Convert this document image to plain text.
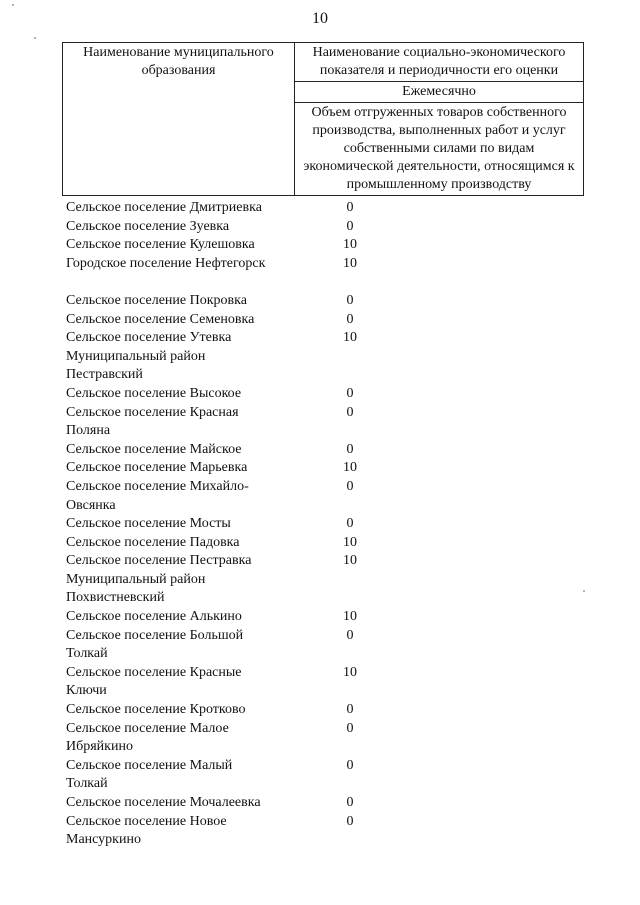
10
Наименование муниципального образования	Наименование социально-экономического показателя и периодичности его оценки
Ежемесячно
Объем отгруженных товаров собственного производства, выполненных работ и услуг собственными силами по видам экономической деятельности, относящимся к промышленному производству
Сельское поселение Дмитриевка	0
Сельское поселение Зуевка	0
Сельское поселение Кулешовка	10
Городское поселение Нефтегорск	10
Сельское поселение Покровка	0
Сельское поселение Семеновка	0
Сельское поселение Утевка	10
Муниципальный район
Пестравский
Сельское поселение Высокое	0
Сельское поселение Красная	0
Поляна
Сельское поселение Майское	0
Сельское поселение Марьевка	10
Сельское поселение Михайло-	0
Овсянка
Сельское поселение Мосты	0
Сельское поселение Падовка	10
Сельское поселение Пестравка	10
Муниципальный район
Похвистневский
Сельское поселение Алькино	10
Сельское поселение Большой	0
Толкай
Сельское поселение Красные	10
Ключи
Сельское поселение Кротково	0
Сельское поселение Малое	0
Ибряйкино
Сельское поселение Малый	0
Толкай
Сельское поселение Мочалеевка	0
Сельское поселение Новое	0
Мансуркино
